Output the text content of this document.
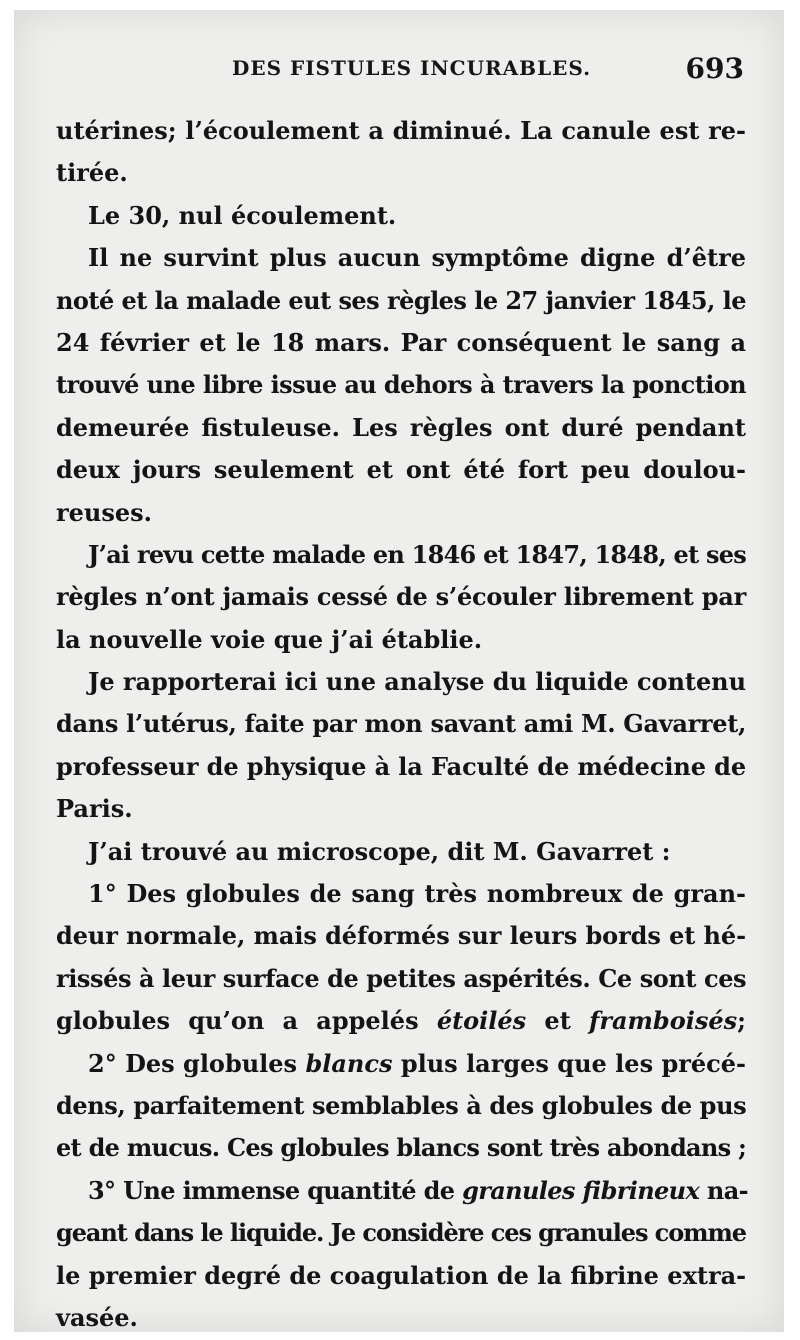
DES FISTULES INCURABLES.	693
utérines; l’écoulement a diminué. La canule est re-
tirée.
Le 30, nul écoulement.
Il ne survint plus aucun symptôme digne d’être
noté et la malade eut ses règles le 27 janvier 1845, le
24 février et le 18 mars. Par conséquent le sang a
trouvé une libre issue au dehors à travers la ponction
demeurée fistuleuse. Les règles ont duré pendant
deux jours seulement et ont été fort peu doulou-
reuses.
J’ai revu cette malade en 1846 et 1847, 1848, et ses
règles n’ont jamais cessé de s’écouler librement par
la nouvelle voie que j’ai établie.
Je rapporterai ici une analyse du liquide contenu
dans l’utérus, faite par mon savant ami M. Gavarret,
professeur de physique à la Faculté de médecine de
Paris.
J’ai trouvé au microscope, dit M. Gavarret :
1° Des globules de sang très nombreux de gran-
deur normale, mais déformés sur leurs bords et hé-
rissés à leur surface de petites aspérités. Ce sont ces
globules qu’on a appelés étoilés et framboisés;
2° Des globules blancs plus larges que les précé-
dens, parfaitement semblables à des globules de pus
et de mucus. Ces globules blancs sont très abondans ;
3° Une immense quantité de granules fibrineux na-
geant dans le liquide. Je considère ces granules comme
le premier degré de coagulation de la fibrine extra-
vasée.
